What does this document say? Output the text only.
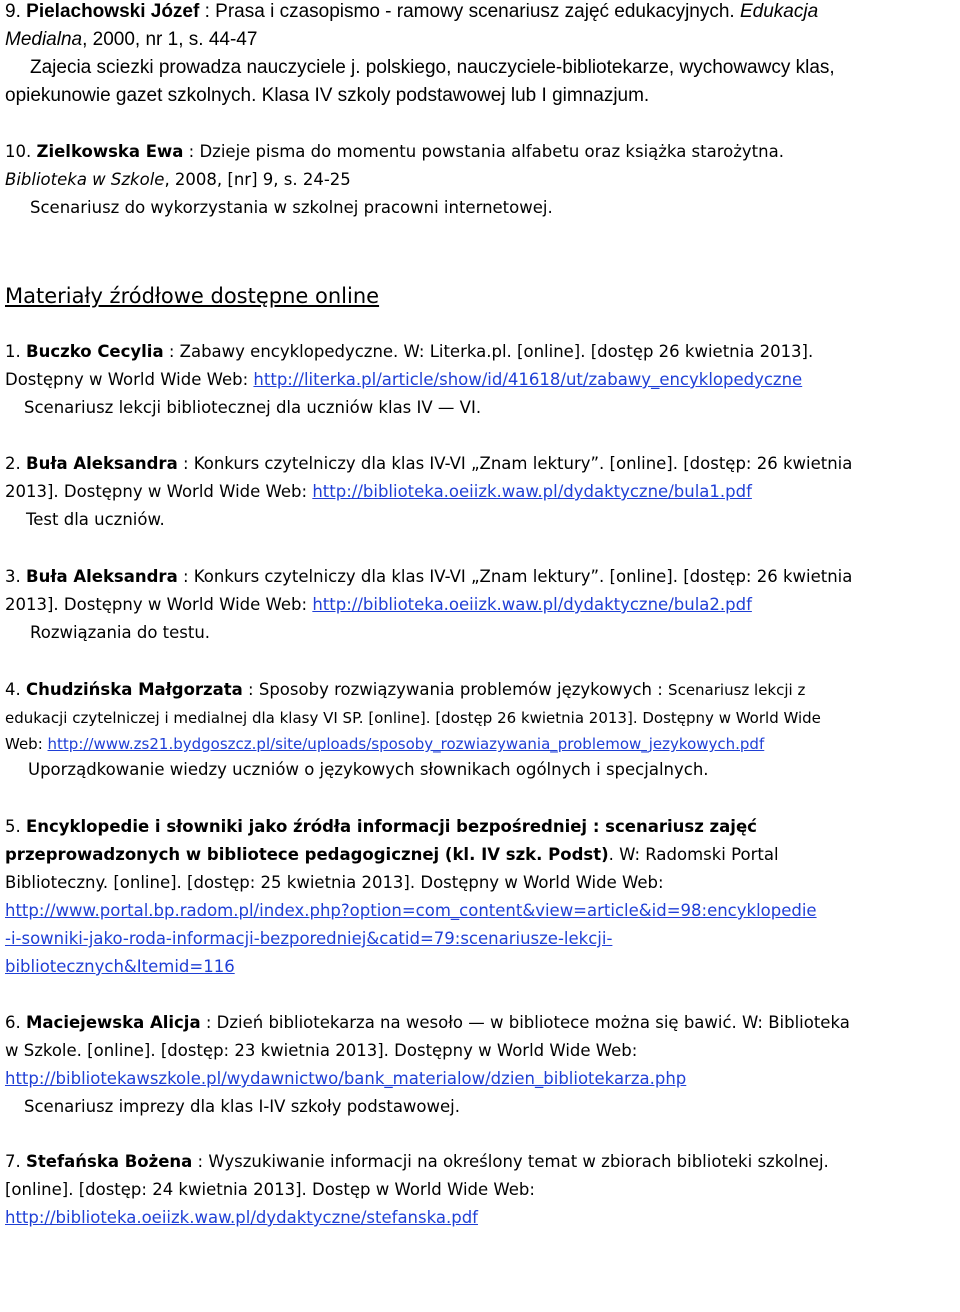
9. Pielachowski Józef : Prasa i czasopismo - ramowy scenariusz zajęć edukacyjnych. Edukacja
Medialna, 2000, nr 1, s. 44-47
Zajecia sciezki prowadza nauczyciele j. polskiego, nauczyciele-bibliotekarze, wychowawcy klas,
opiekunowie gazet szkolnych. Klasa IV szkoly podstawowej lub I gimnazjum.
10. Zielkowska Ewa : Dzieje pisma do momentu powstania alfabetu oraz książka starożytna.
Biblioteka w Szkole, 2008, [nr] 9, s. 24-25
Scenariusz do wykorzystania w szkolnej pracowni internetowej.
Materiały źródłowe dostępne online
1. Buczko Cecylia : Zabawy encyklopedyczne. W: Literka.pl. [online]. [dostęp 26 kwietnia 2013].
Dostępny w World Wide Web: http://literka.pl/article/show/id/41618/ut/zabawy_encyklopedyczne
Scenariusz lekcji bibliotecznej dla uczniów klas IV — VI.
2. Buła Aleksandra : Konkurs czytelniczy dla klas IV-VI „Znam lektury”. [online]. [dostęp: 26 kwietnia
2013]. Dostępny w World Wide Web: http://biblioteka.oeiizk.waw.pl/dydaktyczne/bula1.pdf
Test dla uczniów.
3. Buła Aleksandra : Konkurs czytelniczy dla klas IV-VI „Znam lektury”. [online]. [dostęp: 26 kwietnia
2013]. Dostępny w World Wide Web: http://biblioteka.oeiizk.waw.pl/dydaktyczne/bula2.pdf
Rozwiązania do testu.
4. Chudzińska Małgorzata : Sposoby rozwiązywania problemów językowych : Scenariusz lekcji z
edukacji czytelniczej i medialnej dla klasy VI SP. [online]. [dostęp 26 kwietnia 2013]. Dostępny w World Wide
Web: http://www.zs21.bydgoszcz.pl/site/uploads/sposoby_rozwiazywania_problemow_jezykowych.pdf
Uporządkowanie wiedzy uczniów o językowych słownikach ogólnych i specjalnych.
5. Encyklopedie i słowniki jako źródła informacji bezpośredniej : scenariusz zajęć
przeprowadzonych w bibliotece pedagogicznej (kl. IV szk. Podst). W: Radomski Portal
Biblioteczny. [online]. [dostęp: 25 kwietnia 2013]. Dostępny w World Wide Web:
http://www.portal.bp.radom.pl/index.php?option=com_content&view=article&id=98:encyklopedie
-i-sowniki-jako-roda-informacji-bezporedniej&catid=79:scenariusze-lekcji-
bibliotecznych&Itemid=116
6. Maciejewska Alicja : Dzień bibliotekarza na wesoło — w bibliotece można się bawić. W: Biblioteka
w Szkole. [online]. [dostęp: 23 kwietnia 2013]. Dostępny w World Wide Web:
http://bibliotekawszkole.pl/wydawnictwo/bank_materialow/dzien_bibliotekarza.php
Scenariusz imprezy dla klas I-IV szkoły podstawowej.
7. Stefańska Bożena : Wyszukiwanie informacji na określony temat w zbiorach biblioteki szkolnej.
[online]. [dostęp: 24 kwietnia 2013]. Dostęp w World Wide Web:
http://biblioteka.oeiizk.waw.pl/dydaktyczne/stefanska.pdf
